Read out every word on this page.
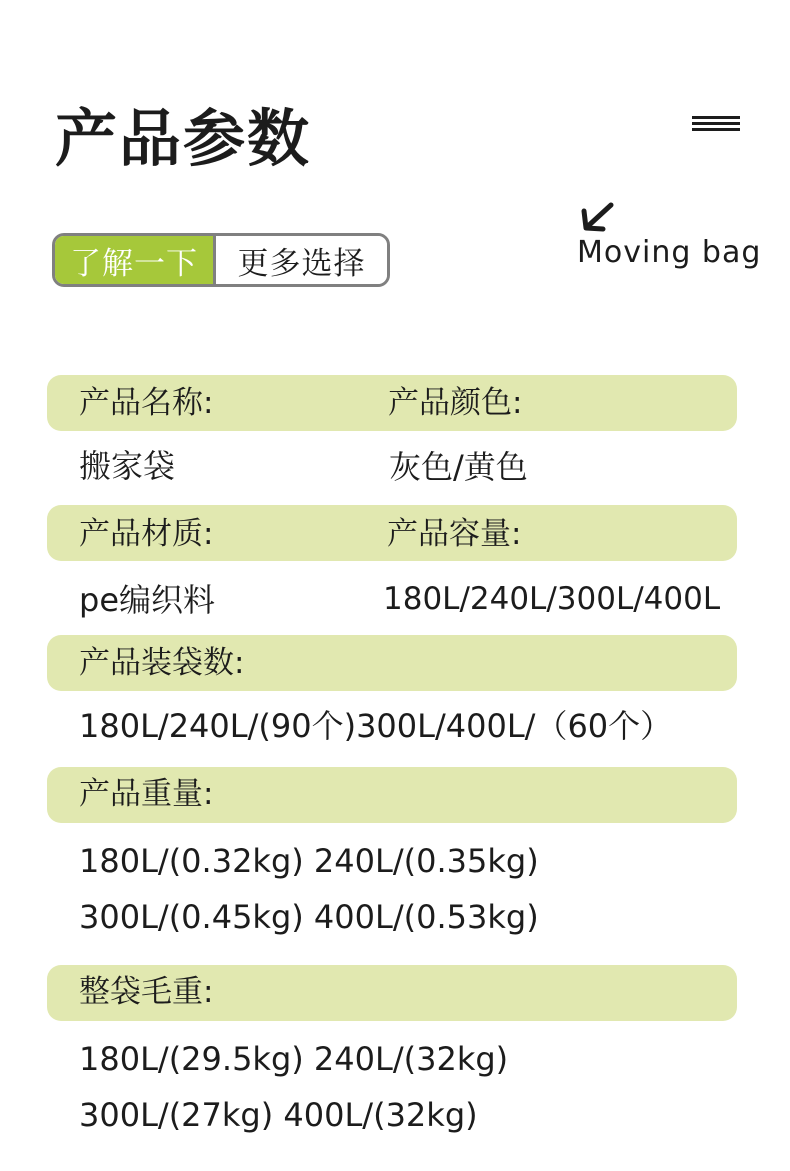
产品参数
Moving bag
了解一下	更多选择
产品名称:	产品颜色:
搬家袋	灰色/黄色
产品材质:	产品容量:
pe编织料	180L/240L/300L/400L
产品装袋数:
180L/240L/(90个)300L/400L/（60个）
产品重量:
180L/(0.32kg) 240L/(0.35kg)
300L/(0.45kg) 400L/(0.53kg)
整袋毛重:
180L/(29.5kg) 240L/(32kg)
300L/(27kg) 400L/(32kg)
